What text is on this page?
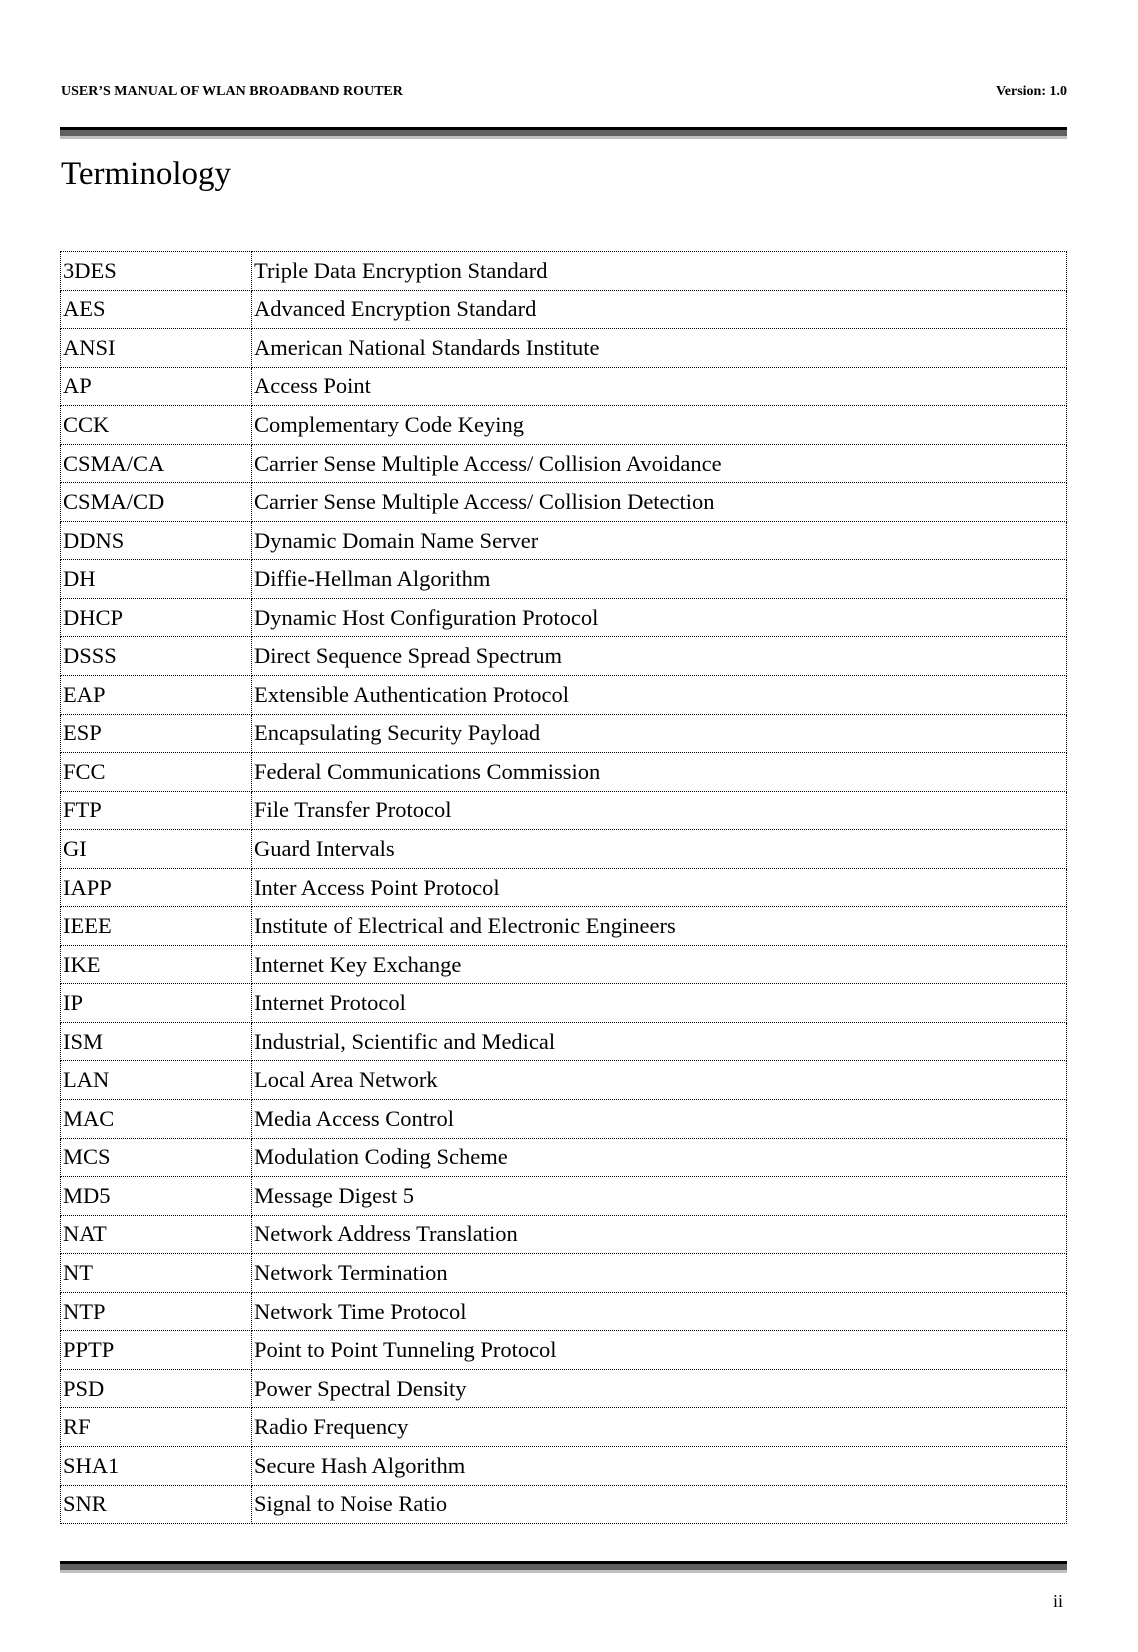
USER’S MANUAL OF WLAN BROADBAND ROUTER	Version: 1.0
Terminology
3DES	Triple Data Encryption Standard
AES	Advanced Encryption Standard
ANSI	American National Standards Institute
AP	Access Point
CCK	Complementary Code Keying
CSMA/CA	Carrier Sense Multiple Access/ Collision Avoidance
CSMA/CD	Carrier Sense Multiple Access/ Collision Detection
DDNS	Dynamic Domain Name Server
DH	Diffie-Hellman Algorithm
DHCP	Dynamic Host Configuration Protocol
DSSS	Direct Sequence Spread Spectrum
EAP	Extensible Authentication Protocol
ESP	Encapsulating Security Payload
FCC	Federal Communications Commission
FTP	File Transfer Protocol
GI	Guard Intervals
IAPP	Inter Access Point Protocol
IEEE	Institute of Electrical and Electronic Engineers
IKE	Internet Key Exchange
IP	Internet Protocol
ISM	Industrial, Scientific and Medical
LAN	Local Area Network
MAC	Media Access Control
MCS	Modulation Coding Scheme
MD5	Message Digest 5
NAT	Network Address Translation
NT	Network Termination
NTP	Network Time Protocol
PPTP	Point to Point Tunneling Protocol
PSD	Power Spectral Density
RF	Radio Frequency
SHA1	Secure Hash Algorithm
SNR	Signal to Noise Ratio
ii
